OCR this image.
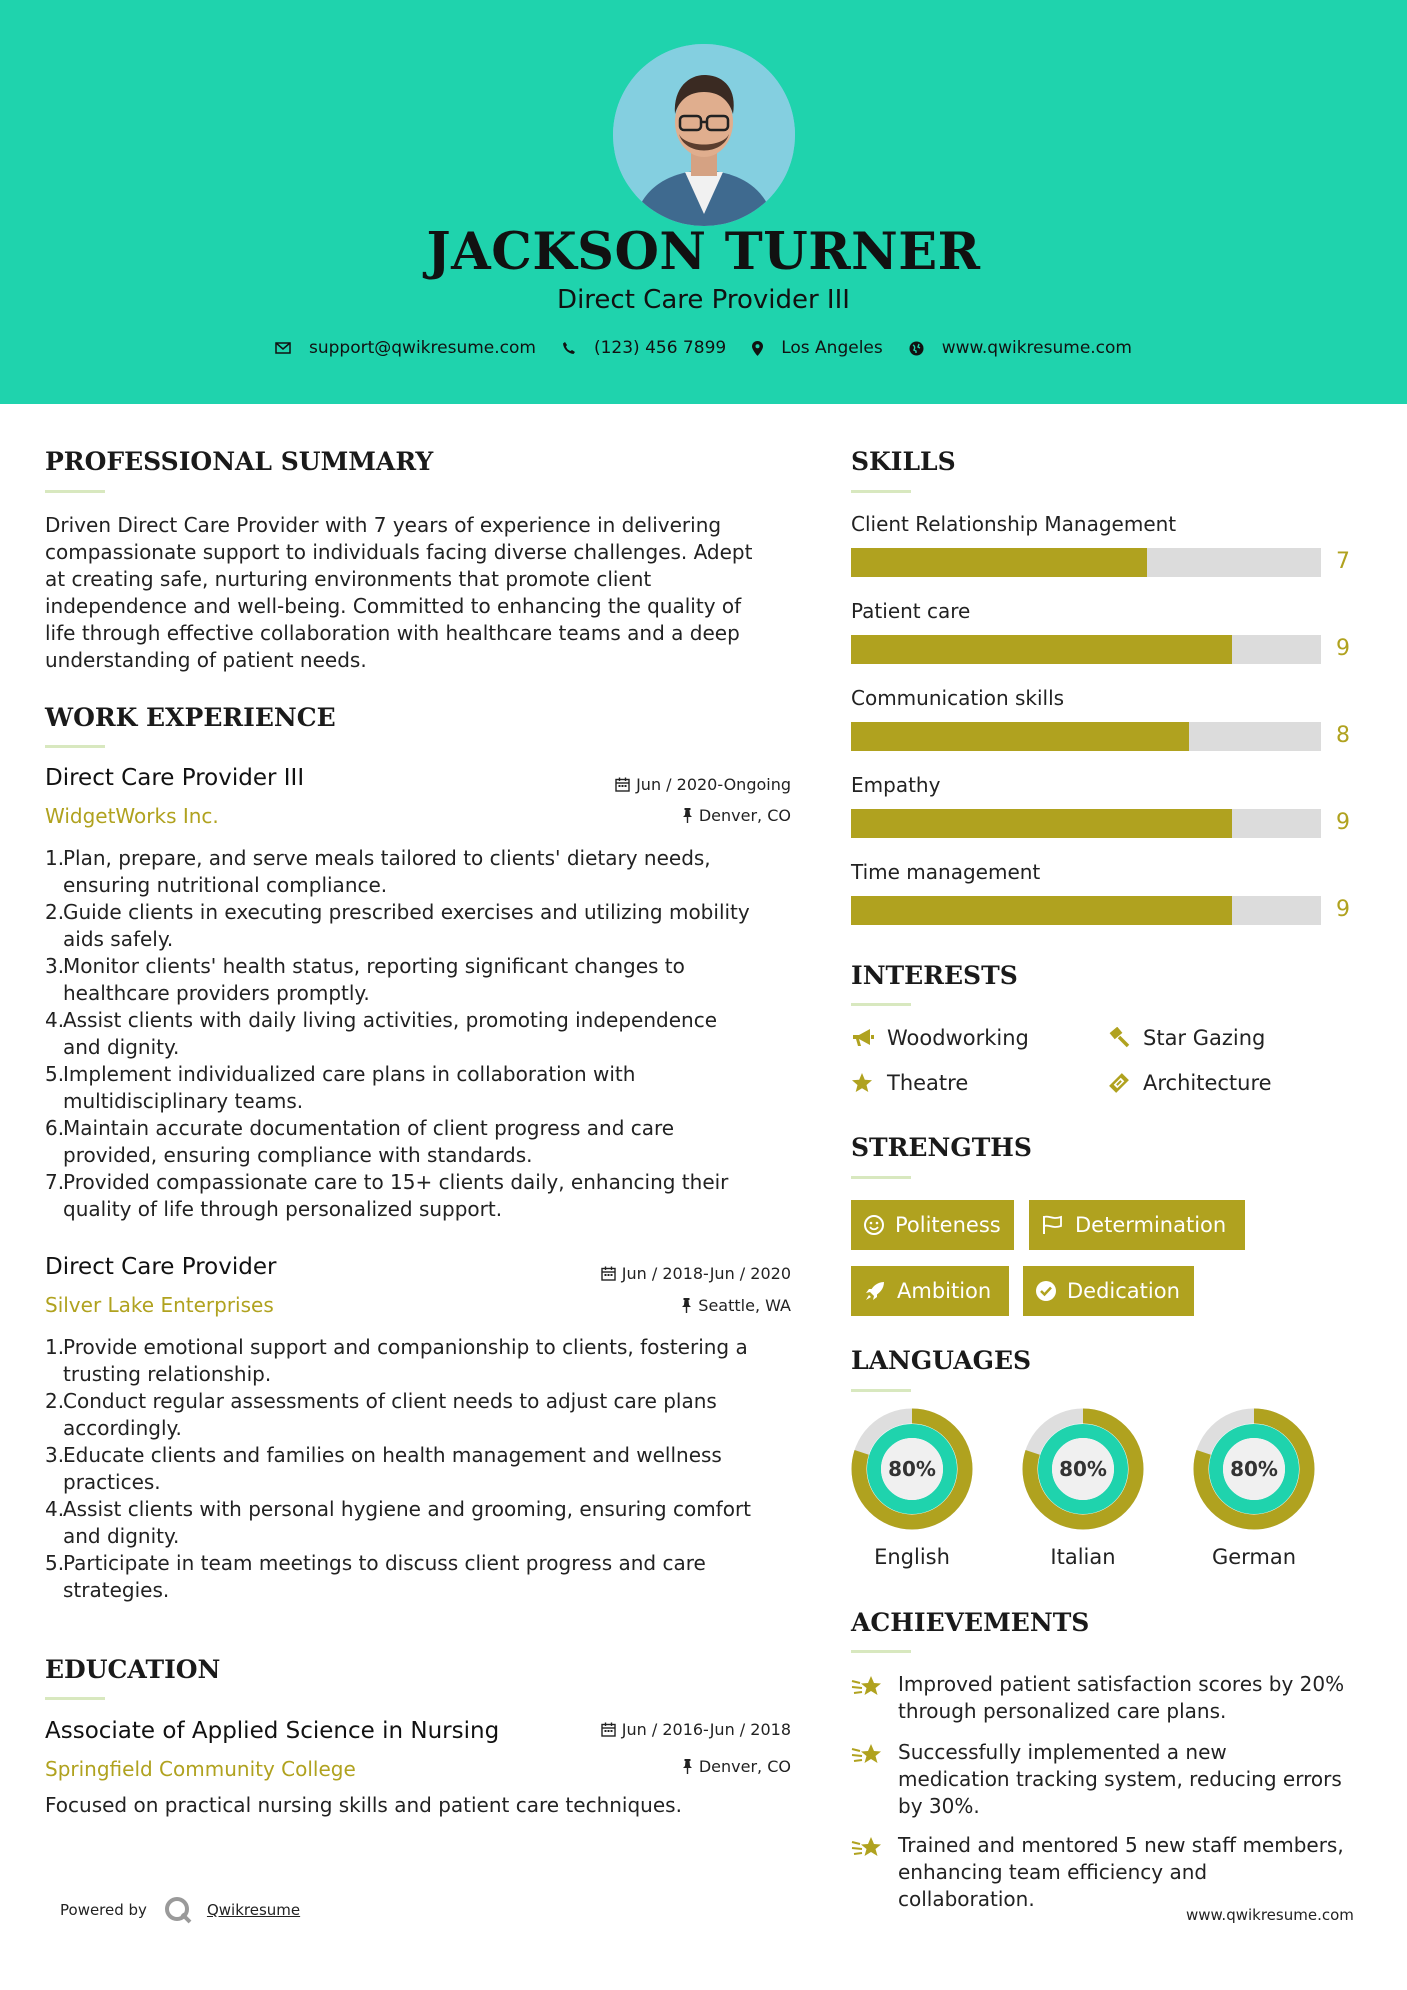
JACKSON TURNER
Direct Care Provider III
support@qwikresume.com	(123) 456 7899	Los Angeles	www.qwikresume.com
PROFESSIONAL SUMMARY
Driven Direct Care Provider with 7 years of experience in delivering
compassionate support to individuals facing diverse challenges. Adept
at creating safe, nurturing environments that promote client
independence and well-being. Committed to enhancing the quality of
life through effective collaboration with healthcare teams and a deep
understanding of patient needs.
WORK EXPERIENCE
Direct Care Provider III
WidgetWorks Inc.
Jun / 2020-Ongoing
Denver, CO
1.
Plan, prepare, and serve meals tailored to clients' dietary needs,
ensuring nutritional compliance.
2.
Guide clients in executing prescribed exercises and utilizing mobility
aids safely.
3.
Monitor clients' health status, reporting significant changes to
healthcare providers promptly.
4.
Assist clients with daily living activities, promoting independence
and dignity.
5.
Implement individualized care plans in collaboration with
multidisciplinary teams.
6.
Maintain accurate documentation of client progress and care
provided, ensuring compliance with standards.
7.
Provided compassionate care to 15+ clients daily, enhancing their
quality of life through personalized support.
Direct Care Provider
Silver Lake Enterprises
Jun / 2018-Jun / 2020
Seattle, WA
1.
Provide emotional support and companionship to clients, fostering a
trusting relationship.
2.
Conduct regular assessments of client needs to adjust care plans
accordingly.
3.
Educate clients and families on health management and wellness
practices.
4.
Assist clients with personal hygiene and grooming, ensuring comfort
and dignity.
5.
Participate in team meetings to discuss client progress and care
strategies.
EDUCATION
Associate of Applied Science in Nursing
Springfield Community College
Jun / 2016-Jun / 2018
Denver, CO
Focused on practical nursing skills and patient care techniques.
SKILLS
Client Relationship Management
7
Patient care
9
Communication skills
8
Empathy
9
Time management
9
INTERESTS
Woodworking	Star Gazing
Theatre	Architecture
STRENGTHS
Politeness	Determination
Ambition	Dedication
LANGUAGES
80%
English
80%
Italian
80%
German
ACHIEVEMENTS
Improved patient satisfaction scores by 20%
through personalized care plans.
Successfully implemented a new
medication tracking system, reducing errors
by 30%.
Trained and mentored 5 new staff members,
enhancing team efficiency and
collaboration.
Powered by	Qwikresume	www.qwikresume.com
